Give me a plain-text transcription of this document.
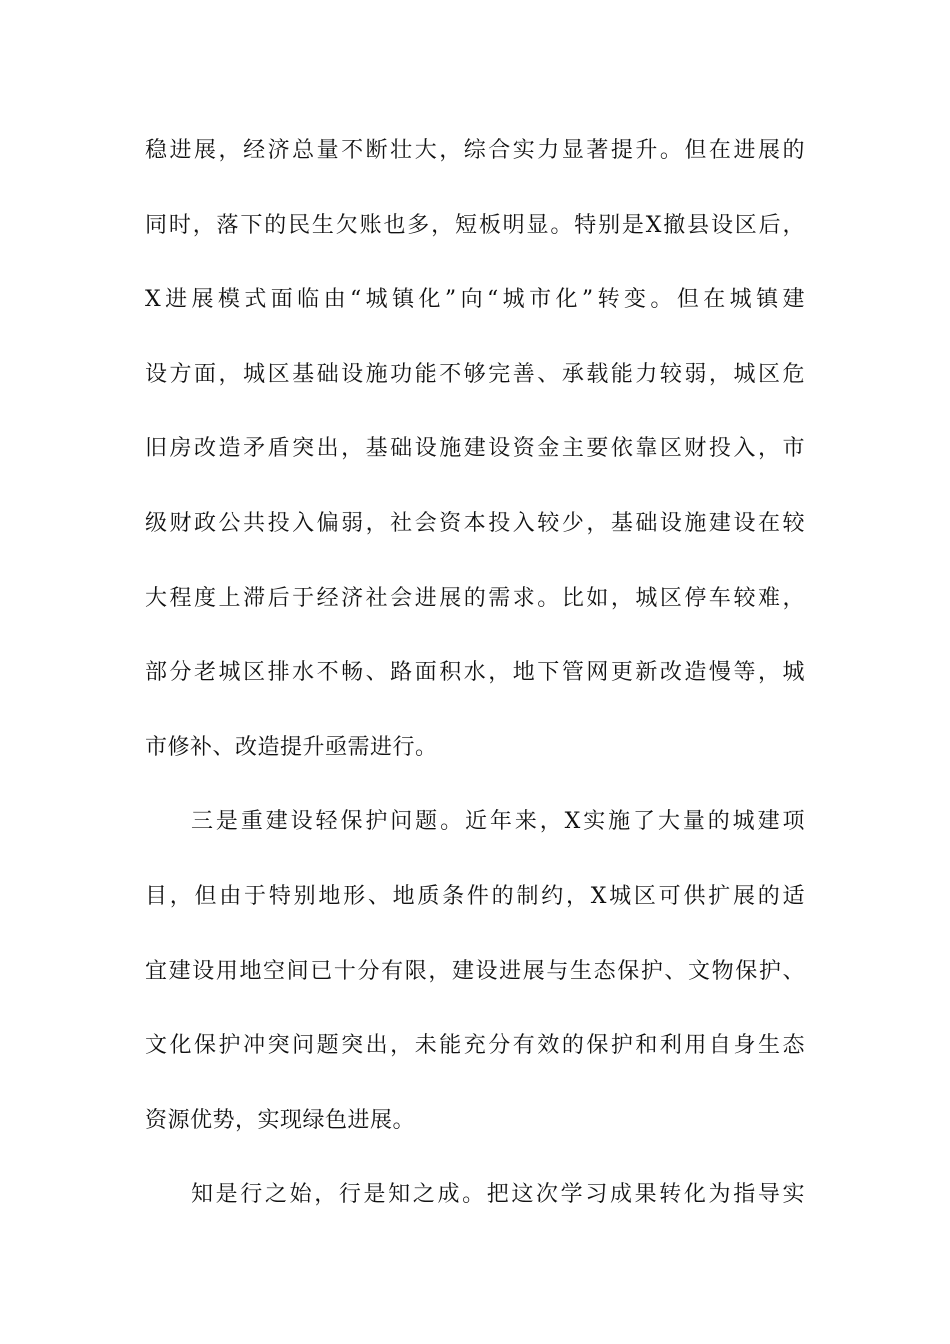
稳进展，经济总量不断壮大，综合实力显著提升。但在进展的
同时，落下的民生欠账也多，短板明显。特别是X撤县设区后，
X进展模式面临由“城镇化”向“城市化”转变。但在城镇建
设方面，城区基础设施功能不够完善、承载能力较弱，城区危
旧房改造矛盾突出，基础设施建设资金主要依靠区财投入，市
级财政公共投入偏弱，社会资本投入较少，基础设施建设在较
大程度上滞后于经济社会进展的需求。比如，城区停车较难，
部分老城区排水不畅、路面积水，地下管网更新改造慢等，城
市修补、改造提升亟需进行。
三是重建设轻保护问题。近年来，X实施了大量的城建项
目，但由于特别地形、地质条件的制约，X城区可供扩展的适
宜建设用地空间已十分有限，建设进展与生态保护、文物保护、
文化保护冲突问题突出，未能充分有效的保护和利用自身生态
资源优势，实现绿色进展。
知是行之始，行是知之成。把这次学习成果转化为指导实
